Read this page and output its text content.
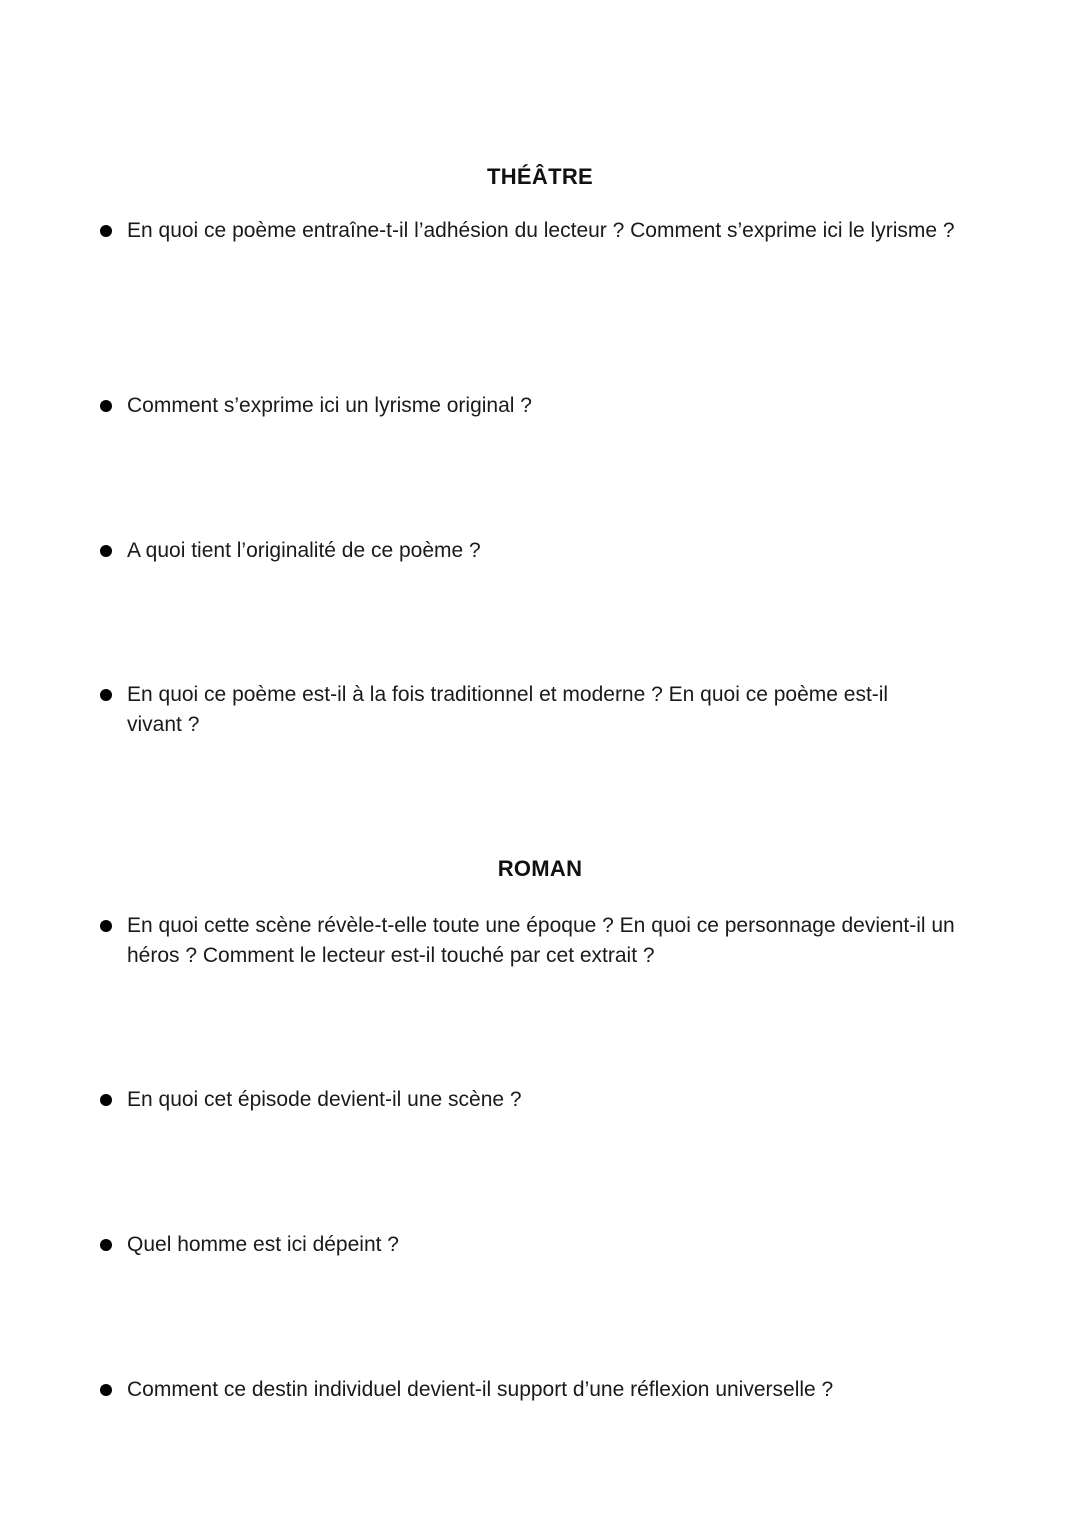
THÉÂTRE
En quoi ce poème entraîne-t-il l’adhésion du lecteur ? Comment s’exprime ici le lyrisme ?
Comment s’exprime ici un lyrisme original ?
A quoi tient l’originalité de ce poème ?
En quoi ce poème est-il à la fois traditionnel et moderne ? En quoi ce poème est-il vivant ?
ROMAN
En quoi cette scène révèle-t-elle toute une époque ? En quoi ce personnage devient-il un héros ? Comment le lecteur est-il touché par cet extrait ?
En quoi cet épisode devient-il une scène ?
Quel homme est ici dépeint ?
Comment ce destin individuel devient-il support d’une réflexion universelle ?
